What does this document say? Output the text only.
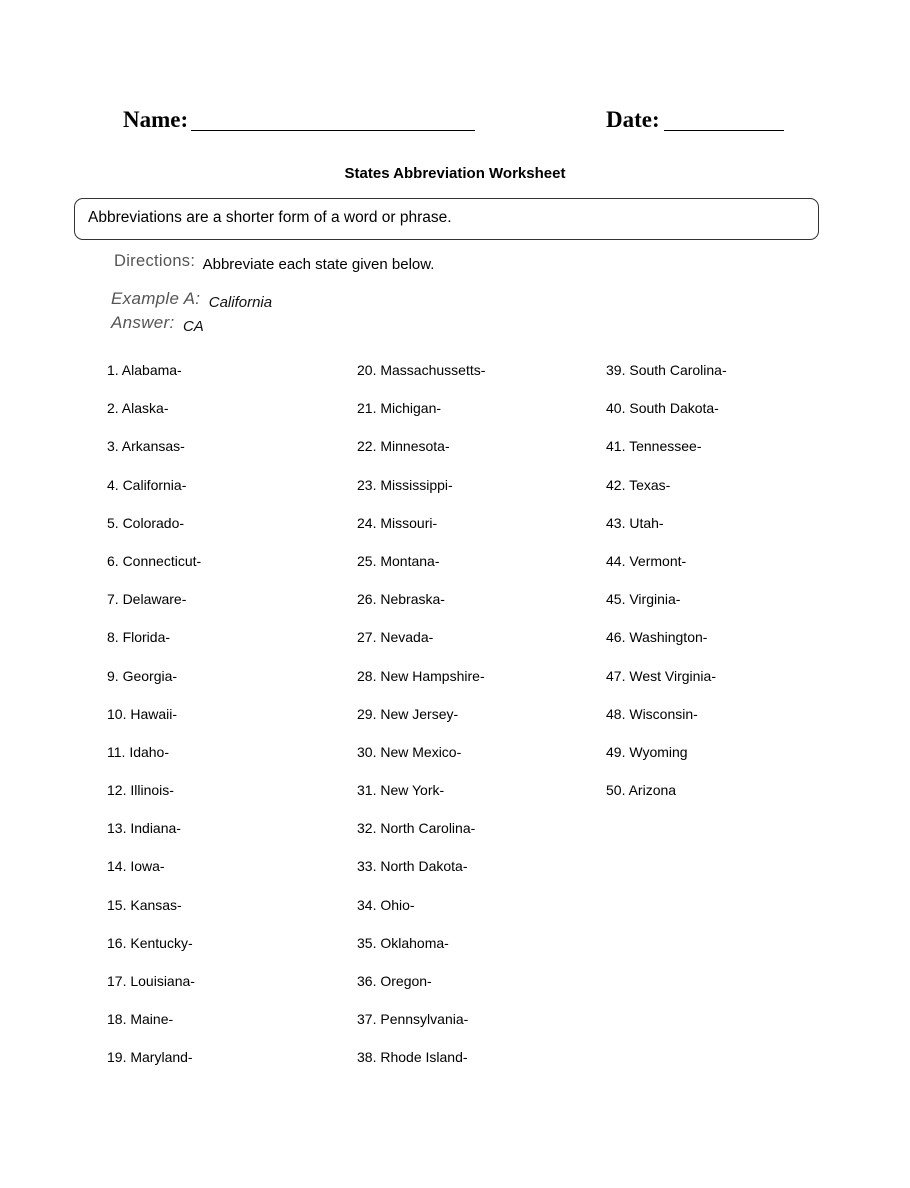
Name:	Date:
States Abbreviation Worksheet
Abbreviations are a shorter form of a word or phrase.
Directions: Abbreviate each state given below.
Example A: California
Answer: CA
1. Alabama-
2. Alaska-
3. Arkansas-
4. California-
5. Colorado-
6. Connecticut-
7. Delaware-
8. Florida-
9. Georgia-
10. Hawaii-
11. Idaho-
12. Illinois-
13. Indiana-
14. Iowa-
15. Kansas-
16. Kentucky-
17. Louisiana-
18. Maine-
19. Maryland-
20. Massachussetts-
21. Michigan-
22. Minnesota-
23. Mississippi-
24. Missouri-
25. Montana-
26. Nebraska-
27. Nevada-
28. New Hampshire-
29. New Jersey-
30. New Mexico-
31. New York-
32. North Carolina-
33. North Dakota-
34. Ohio-
35. Oklahoma-
36. Oregon-
37. Pennsylvania-
38. Rhode Island-
39. South Carolina-
40. South Dakota-
41. Tennessee-
42. Texas-
43. Utah-
44. Vermont-
45. Virginia-
46. Washington-
47. West Virginia-
48. Wisconsin-
49. Wyoming
50. Arizona
